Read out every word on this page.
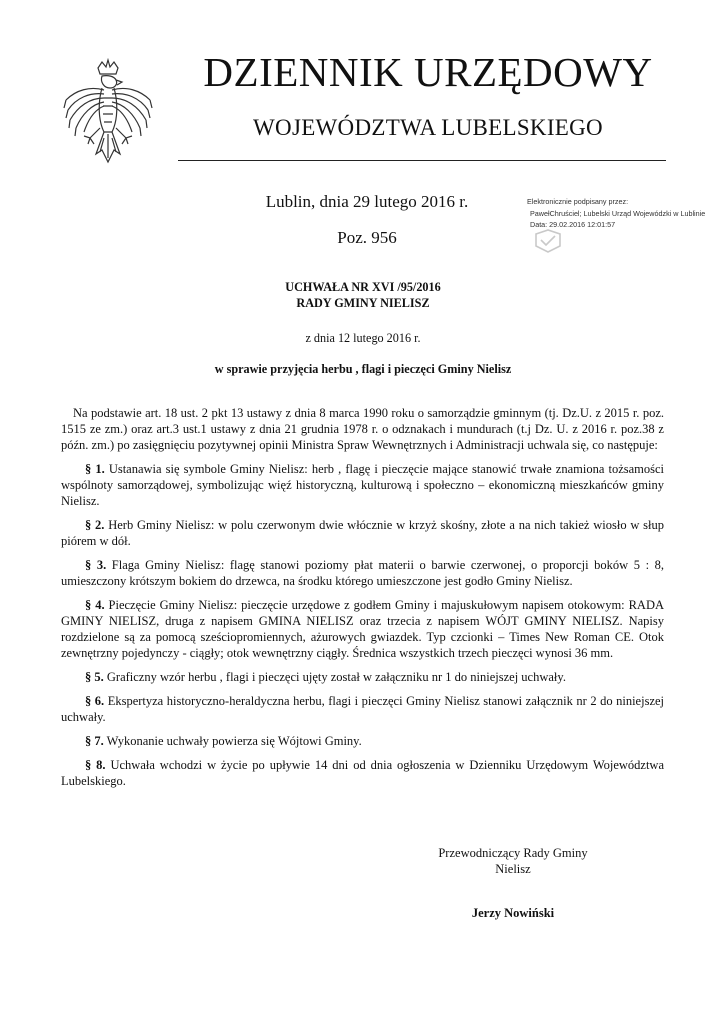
DZIENNIK URZĘDOWY
WOJEWÓDZTWA LUBELSKIEGO
Lublin, dnia 29 lutego 2016 r.
Poz. 956
Elektronicznie podpisany przez:
PawełChruściel; Lubelski Urząd Wojewódzki w Lublinie
Data: 29.02.2016 12:01:57
UCHWAŁA NR XVI /95/2016
RADY GMINY NIELISZ
z dnia 12 lutego 2016 r.
w sprawie przyjęcia herbu , flagi i pieczęci Gminy Nielisz

Na podstawie art. 18 ust. 2 pkt 13 ustawy z dnia 8 marca 1990 roku o samorządzie gminnym (tj. Dz.U. z 2015 r. poz. 1515 ze zm.) oraz art.3 ust.1 ustawy z dnia 21 grudnia 1978 r. o odznakach i mundurach (t.j Dz. U. z 2016 r. poz.38 z późn. zm.) po zasięgnięciu pozytywnej opinii Ministra Spraw Wewnętrznych i Administracji uchwala się, co następuje:

§ 1. Ustanawia się symbole Gminy Nielisz: herb , flagę i pieczęcie mające stanowić trwałe znamiona tożsamości wspólnoty samorządowej, symbolizując więź historyczną, kulturową i społeczno – ekonomiczną mieszkańców gminy Nielisz.

§ 2. Herb Gminy Nielisz: w polu czerwonym dwie włócznie w krzyż skośny, złote a na nich takież wiosło w słup piórem w dół.

§ 3. Flaga Gminy Nielisz: flagę stanowi poziomy płat materii o barwie czerwonej, o proporcji boków 5 : 8, umieszczony krótszym bokiem do drzewca, na środku którego umieszczone jest godło Gminy Nielisz.

§ 4. Pieczęcie Gminy Nielisz: pieczęcie urzędowe z godłem Gminy i majuskułowym napisem otokowym: RADA GMINY NIELISZ, druga z napisem GMINA NIELISZ oraz trzecia z napisem WÓJT GMINY NIELISZ. Napisy rozdzielone są za pomocą sześciopromiennych, ażurowych gwiazdek. Typ czcionki – Times New Roman CE. Otok zewnętrzny pojedynczy - ciągły; otok wewnętrzny ciągły. Średnica wszystkich trzech pieczęci wynosi 36 mm.

§ 5. Graficzny wzór herbu , flagi i pieczęci ujęty został w załączniku nr 1 do niniejszej uchwały.

§ 6. Ekspertyza historyczno-heraldyczna herbu, flagi i pieczęci Gminy Nielisz stanowi załącznik nr 2 do niniejszej uchwały.

§ 7. Wykonanie uchwały powierza się Wójtowi Gminy.

§ 8. Uchwała wchodzi w życie po upływie 14 dni od dnia ogłoszenia w Dzienniku Urzędowym Województwa Lubelskiego.

Przewodniczący Rady Gminy
Nielisz
Jerzy Nowiński
